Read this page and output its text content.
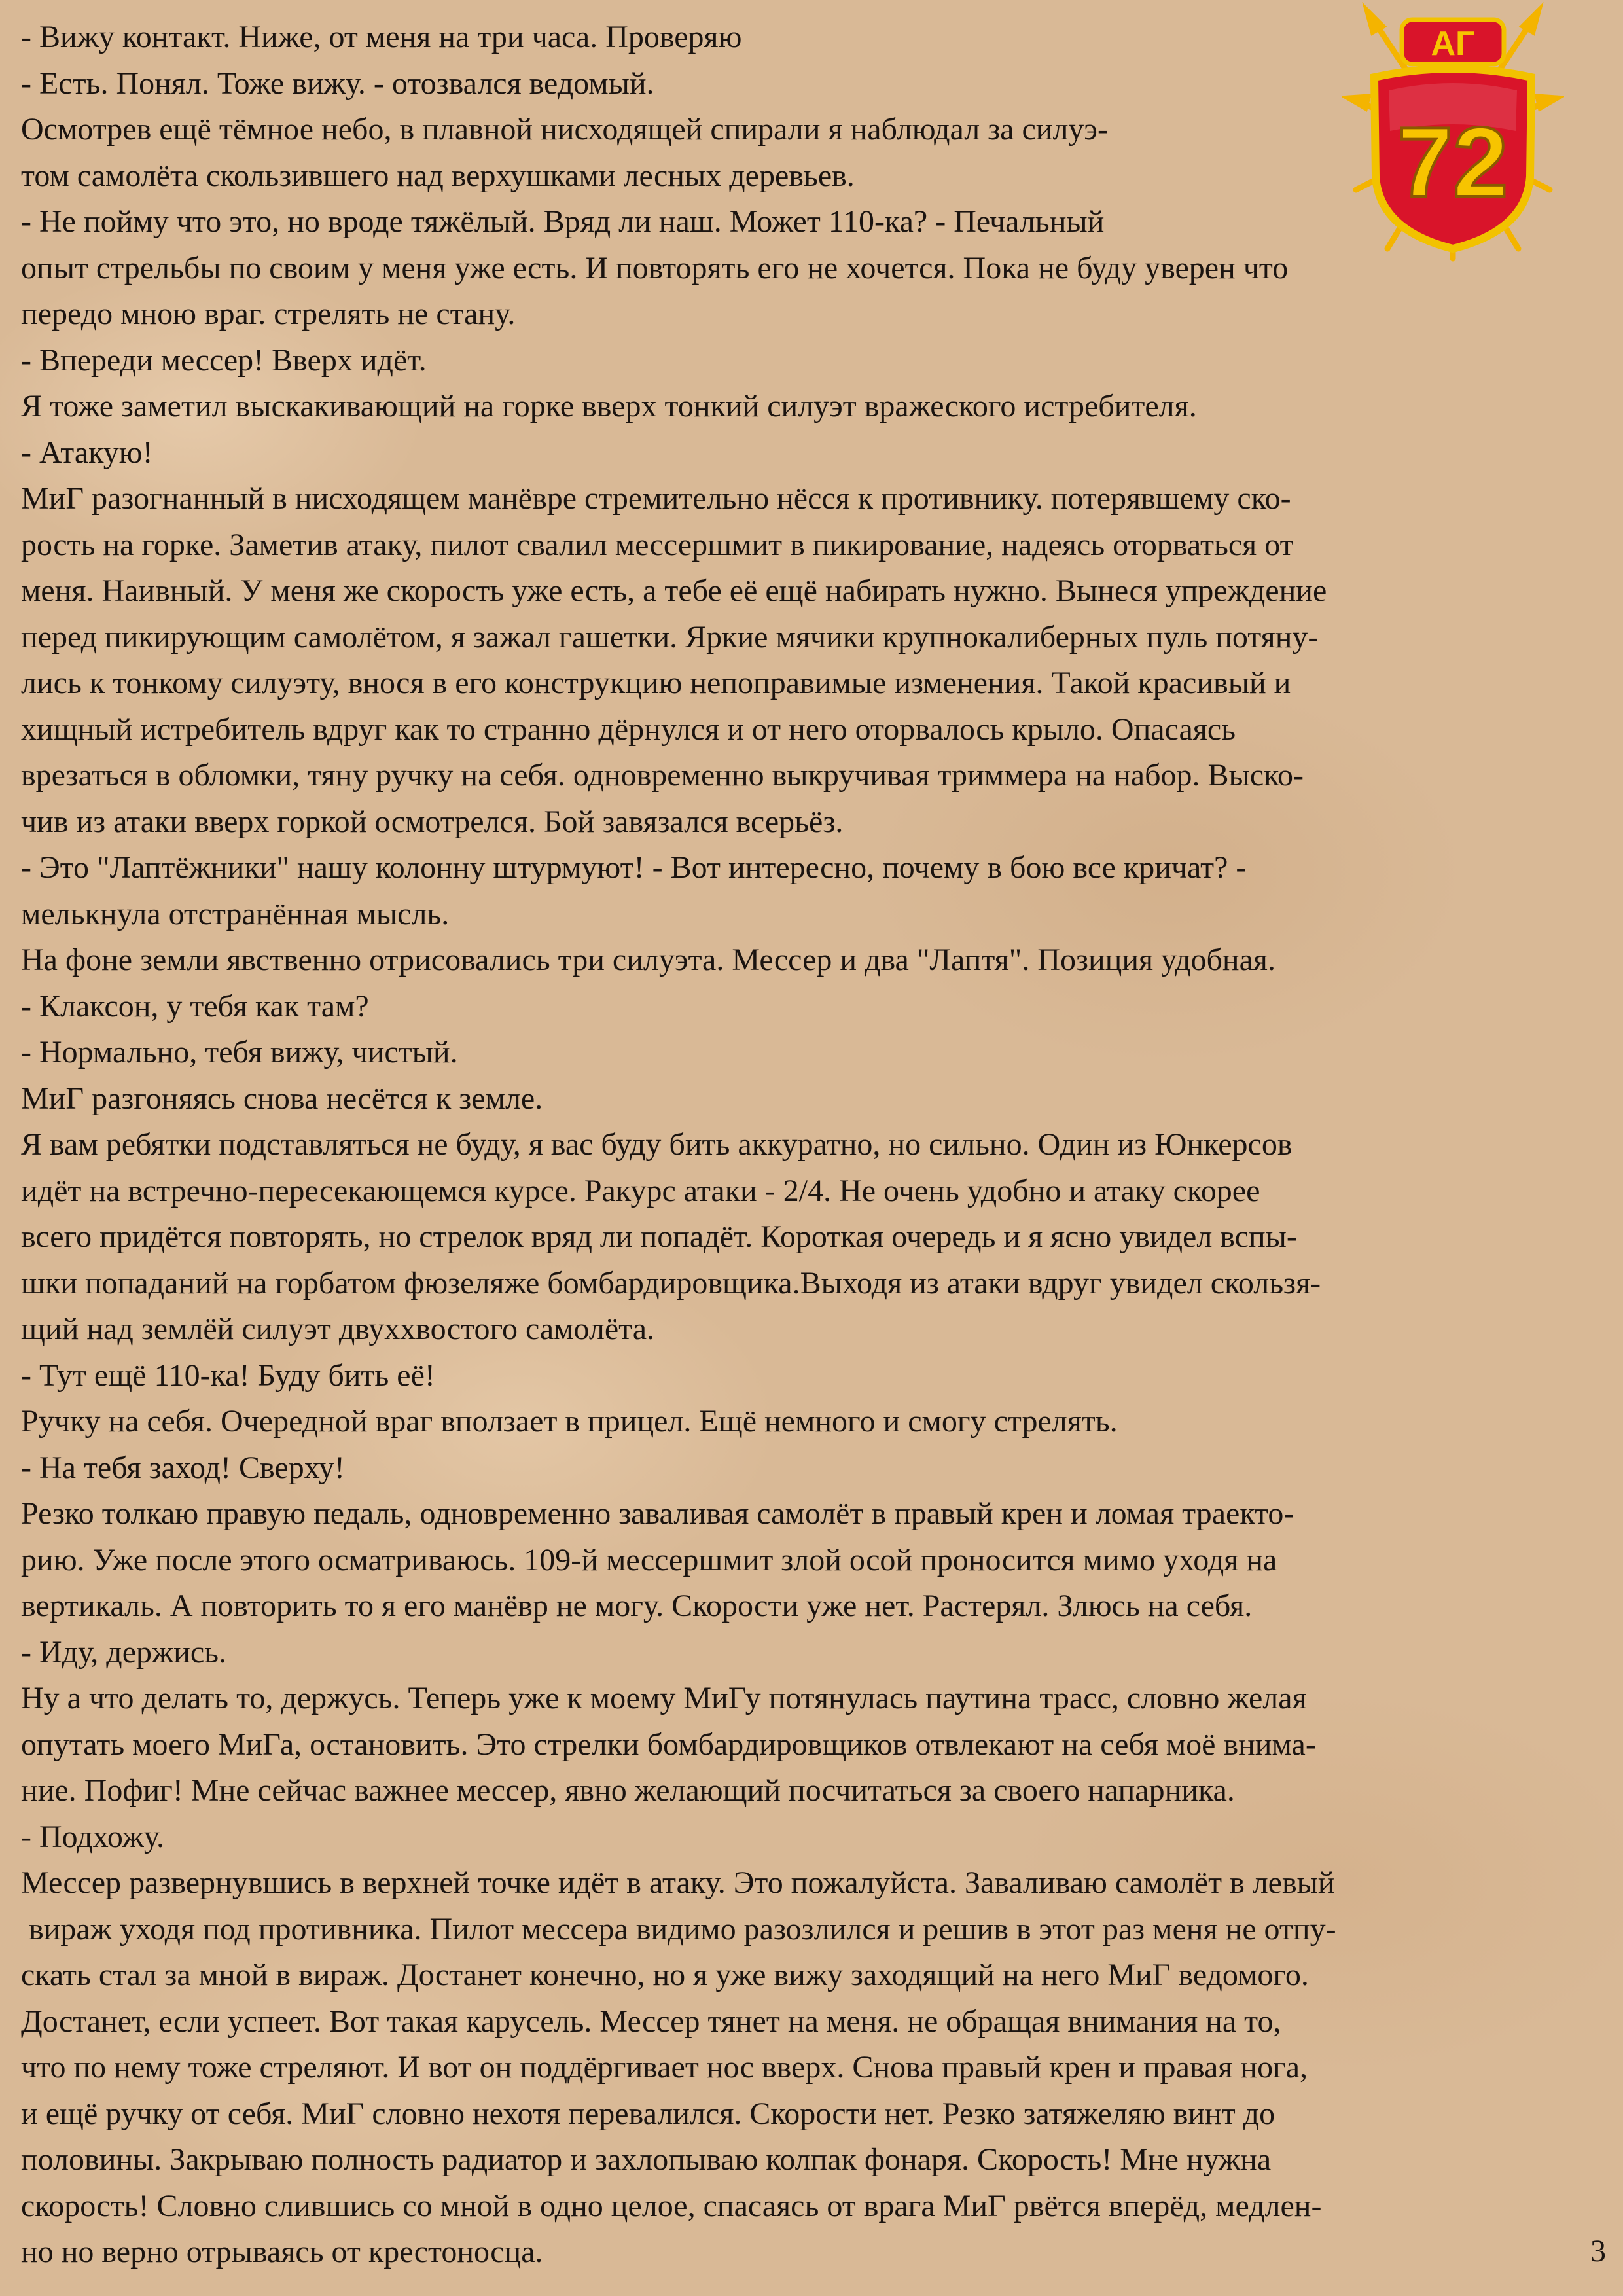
АГ
72
- Вижу контакт. Ниже, от меня на три часа. Проверяю
- Есть. Понял. Тоже вижу. - отозвался ведомый.
Осмотрев ещё тёмное небо, в плавной нисходящей спирали я наблюдал за силуэ-
том самолёта скользившего над верхушками лесных деревьев.
- Не пойму что это, но вроде тяжёлый. Вряд ли наш. Может 110-ка? - Печальный
опыт стрельбы по своим у меня уже есть. И повторять его не хочется. Пока не буду уверен что
передо мною враг. стрелять не стану.
- Впереди мессер! Вверх идёт.
Я тоже заметил выскакивающий на горке вверх тонкий силуэт вражеского истребителя.
- Атакую!
МиГ разогнанный в нисходящем манёвре стремительно нёсся к противнику. потерявшему ско-
рость на горке. Заметив атаку, пилот свалил мессершмит в пикирование, надеясь оторваться от
меня. Наивный. У меня же скорость уже есть, а тебе её ещё набирать нужно. Вынеся упреждение
перед пикирующим самолётом, я зажал гашетки. Яркие мячики крупнокалиберных пуль потяну-
лись к тонкому силуэту, внося в его конструкцию непоправимые изменения. Такой красивый и
хищный истребитель вдруг как то странно дёрнулся и от него оторвалось крыло. Опасаясь
врезаться в обломки, тяну ручку на себя. одновременно выкручивая триммера на набор. Выско-
чив из атаки вверх горкой осмотрелся. Бой завязался всерьёз.
- Это "Лаптёжники" нашу колонну штурмуют! - Вот интересно, почему в бою все кричат? -
мелькнула отстранённая мысль.
На фоне земли явственно отрисовались три силуэта. Мессер и два "Лаптя". Позиция удобная.
- Клаксон, у тебя как там?
- Нормально, тебя вижу, чистый.
МиГ разгоняясь снова несётся к земле.
Я вам ребятки подставляться не буду, я вас буду бить аккуратно, но сильно. Один из Юнкерсов
идёт на встречно-пересекающемся курсе. Ракурс атаки - 2/4. Не очень удобно и атаку скорее
всего придётся повторять, но стрелок вряд ли попадёт. Короткая очередь и я ясно увидел вспы-
шки попаданий на горбатом фюзеляже бомбардировщика.Выходя из атаки вдруг увидел скользя-
щий над землёй силуэт двуххвостого самолёта.
- Тут ещё 110-ка! Буду бить её!
Ручку на себя. Очередной враг вползает в прицел. Ещё немного и смогу стрелять.
- На тебя заход! Сверху!
Резко толкаю правую педаль, одновременно заваливая самолёт в правый крен и ломая траекто-
рию. Уже после этого осматриваюсь. 109-й мессершмит злой осой проносится мимо уходя на
вертикаль. А повторить то я его манёвр не могу. Скорости уже нет. Растерял. Злюсь на себя.
- Иду, держись.
Ну а что делать то, держусь. Теперь уже к моему МиГу потянулась паутина трасс, словно желая
опутать моего МиГа, остановить. Это стрелки бомбардировщиков отвлекают на себя моё внима-
ние. Пофиг! Мне сейчас важнее мессер, явно желающий посчитаться за своего напарника.
- Подхожу.
Мессер развернувшись в верхней точке идёт в атаку. Это пожалуйста. Заваливаю самолёт в левый
вираж уходя под противника. Пилот мессера видимо разозлился и решив в этот раз меня не отпу-
скать стал за мной в вираж. Достанет конечно, но я уже вижу заходящий на него МиГ ведомого.
Достанет, если успеет. Вот такая карусель. Мессер тянет на меня. не обращая внимания на то,
что по нему тоже стреляют. И вот он поддёргивает нос вверх. Снова правый крен и правая нога,
и ещё ручку от себя. МиГ словно нехотя перевалился. Скорости нет. Резко затяжеляю винт до
половины. Закрываю полность радиатор и захлопываю колпак фонаря. Скорость! Мне нужна
скорость! Словно слившись со мной в одно целое, спасаясь от врага МиГ рвётся вперёд, медлен-
но но верно отрываясь от крестоносца.	3
